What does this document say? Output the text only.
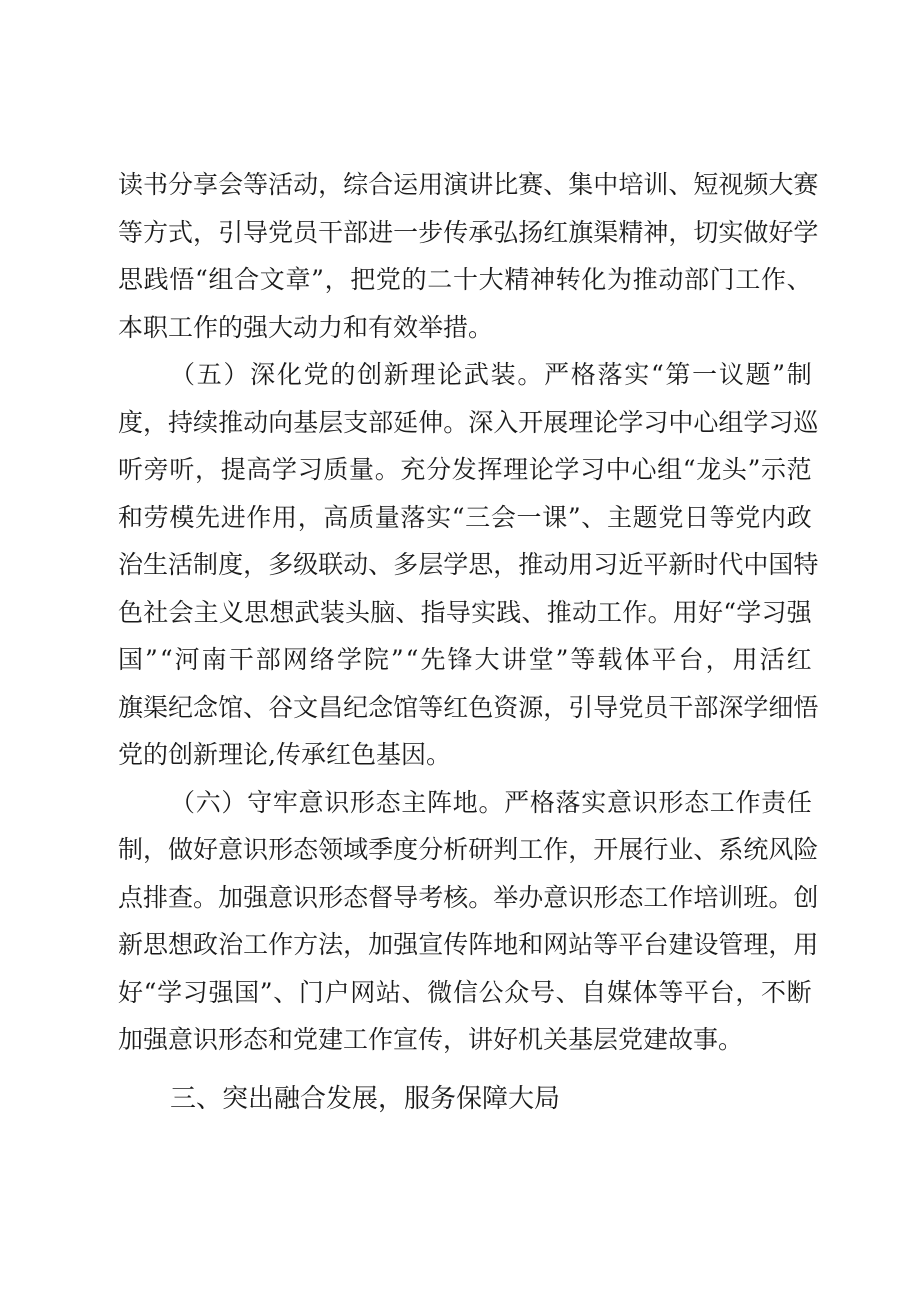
读 书 分 享 会 等 活 动 ， 综 合 运 用 演 讲 比 赛 、 集 中 培 训 、 短 视 频 大 赛
等 方 式 ， 引 导 党 员 干 部 进 一 步 传 承 弘 扬 红 旗 渠 精 神 ， 切 实 做 好 学
思 践 悟 “ 组 合 文 章 ” ， 把 党 的 二 十 大 精 神 转 化 为 推 动 部 门 工 作 、
本职工作的强大动力和有效举措。
（ 五 ） 深 化 党 的 创 新 理 论 武 装 。 严 格 落 实 “ 第 一 议 题 ” 制
度 ， 持 续 推 动 向 基 层 支 部 延 伸 。 深 入 开 展 理 论 学 习 中 心 组 学 习 巡
听 旁 听 ， 提 高 学 习 质 量 。 充 分 发 挥 理 论 学 习 中 心 组 “ 龙 头 ” 示 范
和 劳 模 先 进 作 用 ， 高 质 量 落 实 “ 三 会 一 课 ” 、 主 题 党 日 等 党 内 政
治 生 活 制 度 ， 多 级 联 动 、 多 层 学 思 ， 推 动 用 习 近 平 新 时 代 中 国 特
色 社 会 主 义 思 想 武 装 头 脑 、 指 导 实 践 、 推 动 工 作 。 用 好 “ 学 习 强
国 ” “ 河 南 干 部 网 络 学 院 ” “ 先 锋 大 讲 堂 ” 等 载 体 平 台 ， 用 活 红
旗 渠 纪 念 馆 、 谷 文 昌 纪 念 馆 等 红 色 资 源 ， 引 导 党 员 干 部 深 学 细 悟
党的创新理论,传承红色基因。
（ 六 ） 守 牢 意 识 形 态 主 阵 地 。 严 格 落 实 意 识 形 态 工 作 责 任
制 ， 做 好 意 识 形 态 领 域 季 度 分 析 研 判 工 作 ， 开 展 行 业 、 系 统 风 险
点 排 查 。 加 强 意 识 形 态 督 导 考 核 。 举 办 意 识 形 态 工 作 培 训 班 。 创
新 思 想 政 治 工 作 方 法 ， 加 强 宣 传 阵 地 和 网 站 等 平 台 建 设 管 理 ， 用
好 “ 学 习 强 国 ” 、 门 户 网 站 、 微 信 公 众 号 、 自 媒 体 等 平 台 ， 不 断
加强意识形态和党建工作宣传，讲好机关基层党建故事。
三、突出融合发展，服务保障大局
